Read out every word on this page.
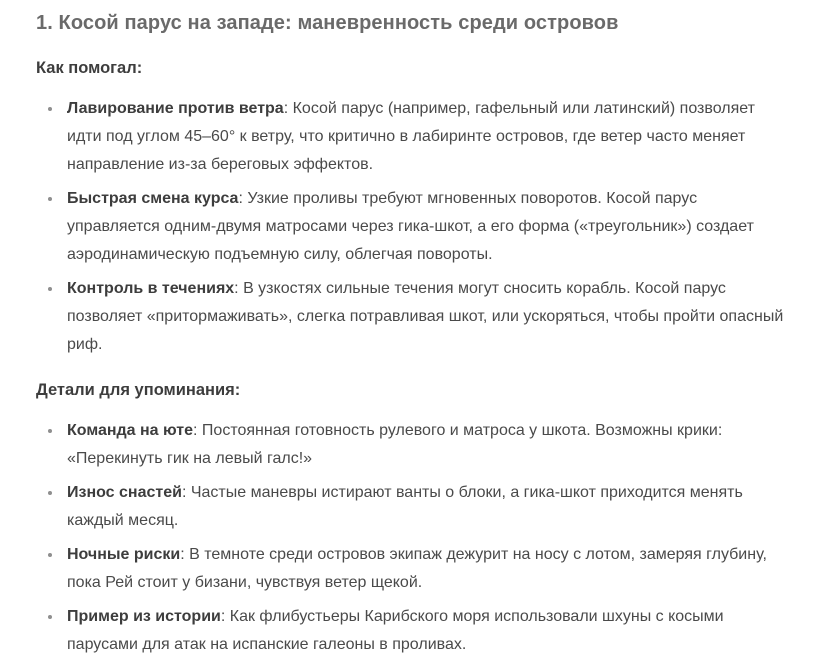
1. Косой парус на западе: маневренность среди островов
Как помогал:
• Лавирование против ветра: Косой парус (например, гафельный или латинский) позволяет идти под углом 45–60° к ветру, что критично в лабиринте островов, где ветер часто меняет направление из-за береговых эффектов.
• Быстрая смена курса: Узкие проливы требуют мгновенных поворотов. Косой парус управляется одним-двумя матросами через гика-шкот, а его форма («треугольник») создает аэродинамическую подъемную силу, облегчая повороты.
• Контроль в течениях: В узкостях сильные течения могут сносить корабль. Косой парус позволяет «притормаживать», слегка потравливая шкот, или ускоряться, чтобы пройти опасный риф.
Детали для упоминания:
• Команда на юте: Постоянная готовность рулевого и матроса у шкота. Возможны крики: «Перекинуть гик на левый галс!»
• Износ снастей: Частые маневры истирают ванты о блоки, а гика-шкот приходится менять каждый месяц.
• Ночные риски: В темноте среди островов экипаж дежурит на носу с лотом, замеряя глубину, пока Рей стоит у бизани, чувствуя ветер щекой.
• Пример из истории: Как флибустьеры Карибского моря использовали шхуны с косыми парусами для атак на испанские галеоны в проливах.
